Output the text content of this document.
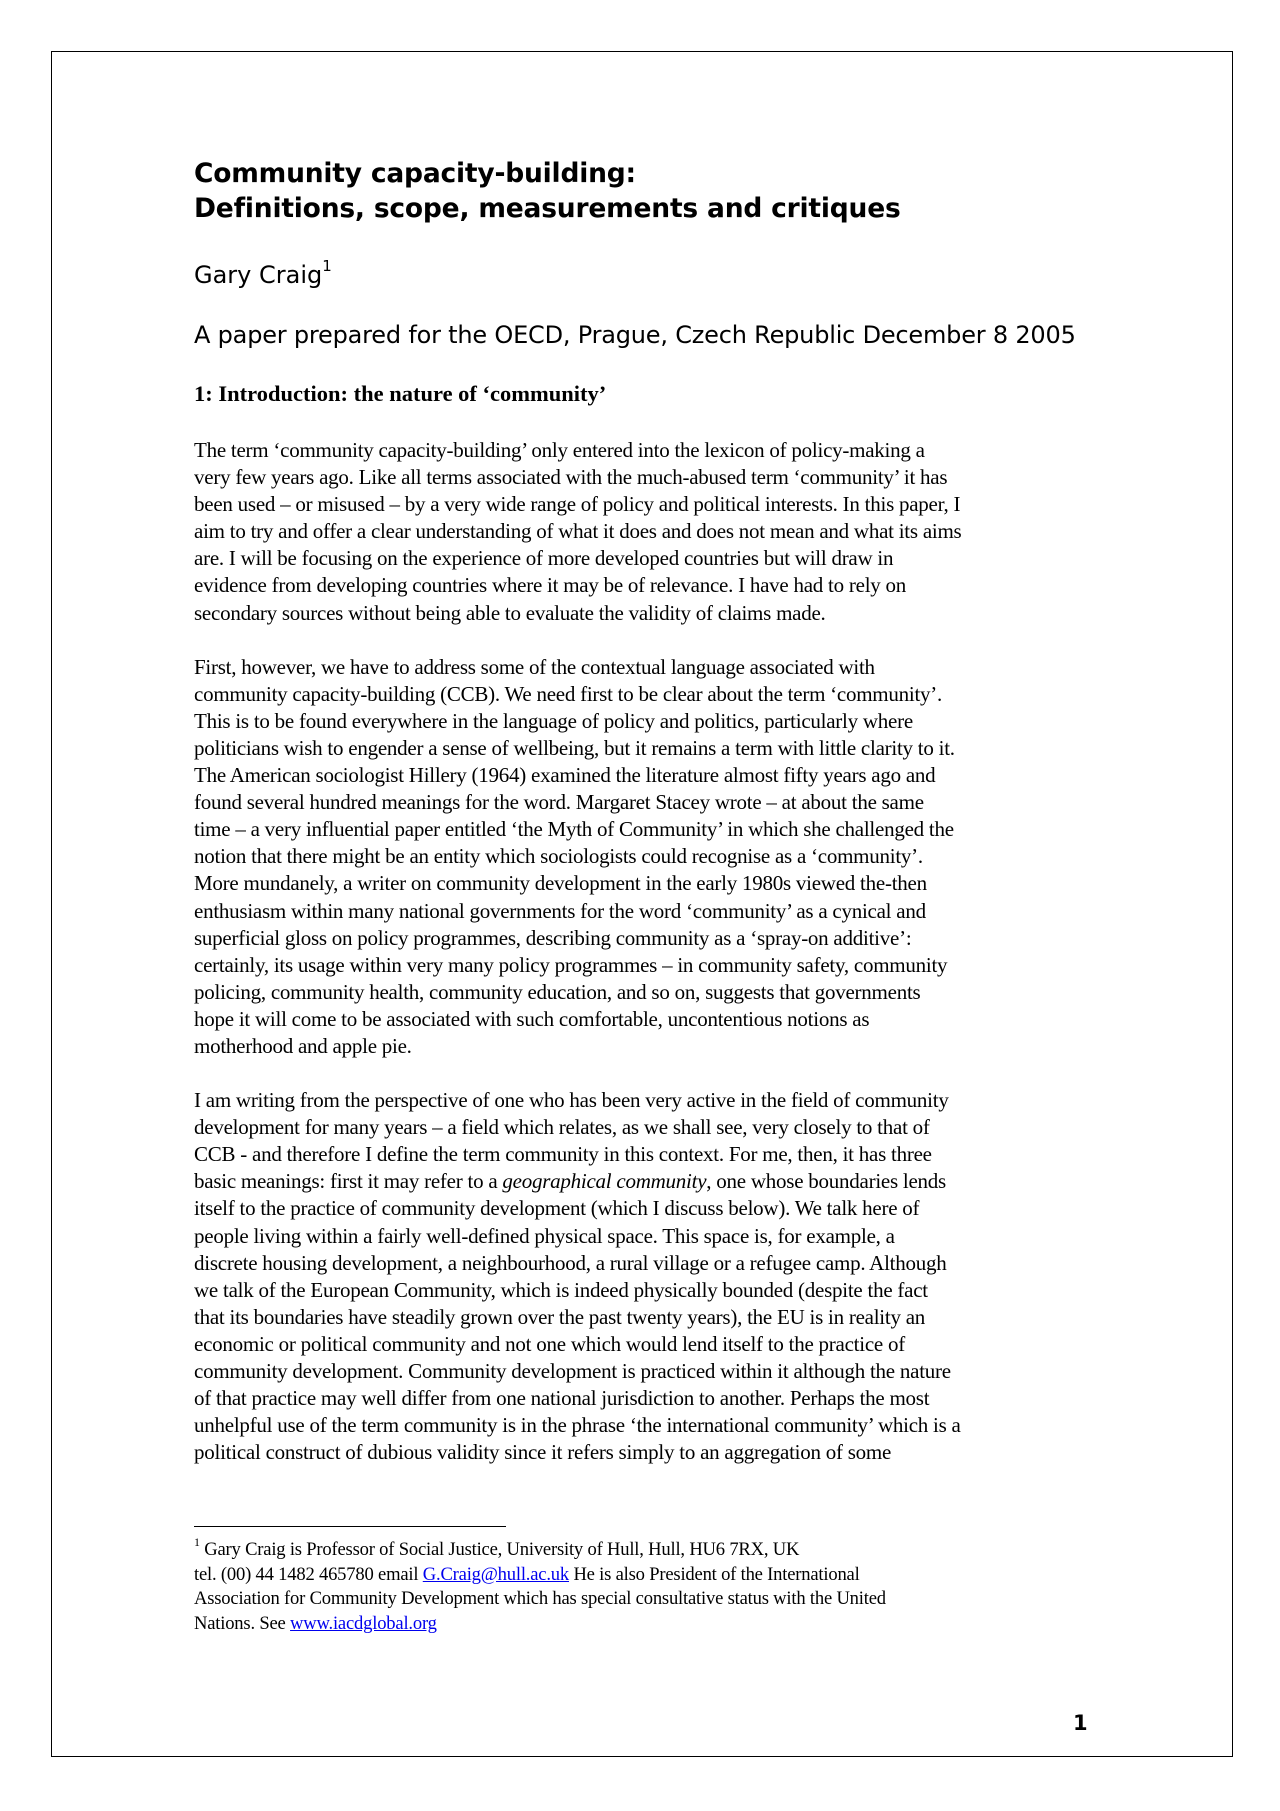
Community capacity-building:
Definitions, scope, measurements and critiques

Gary Craig$^1$

A paper prepared for the OECD, Prague, Czech Republic December 8 2005

1: Introduction: the nature of ‘community’

The term ‘community capacity-building’ only entered into the lexicon of policy-making a
very few years ago. Like all terms associated with the much-abused term ‘community’ it has
been used – or misused – by a very wide range of policy and political interests. In this paper, I
aim to try and offer a clear understanding of what it does and does not mean and what its aims
are. I will be focusing on the experience of more developed countries but will draw in
evidence from developing countries where it may be of relevance. I have had to rely on
secondary sources without being able to evaluate the validity of claims made.

First, however, we have to address some of the contextual language associated with
community capacity-building (CCB). We need first to be clear about the term ‘community’.
This is to be found everywhere in the language of policy and politics, particularly where
politicians wish to engender a sense of wellbeing, but it remains a term with little clarity to it.
The American sociologist Hillery (1964) examined the literature almost fifty years ago and
found several hundred meanings for the word. Margaret Stacey wrote – at about the same
time – a very influential paper entitled ‘the Myth of Community’ in which she challenged the
notion that there might be an entity which sociologists could recognise as a ‘community’.
More mundanely, a writer on community development in the early 1980s viewed the-then
enthusiasm within many national governments for the word ‘community’ as a cynical and
superficial gloss on policy programmes, describing community as a ‘spray-on additive’:
certainly, its usage within very many policy programmes – in community safety, community
policing, community health, community education, and so on, suggests that governments
hope it will come to be associated with such comfortable, uncontentious notions as
motherhood and apple pie.

I am writing from the perspective of one who has been very active in the field of community
development for many years – a field which relates, as we shall see, very closely to that of
CCB - and therefore I define the term community in this context. For me, then, it has three
basic meanings: first it may refer to a geographical community, one whose boundaries lends
itself to the practice of community development (which I discuss below). We talk here of
people living within a fairly well-defined physical space. This space is, for example, a
discrete housing development, a neighbourhood, a rural village or a refugee camp. Although
we talk of the European Community, which is indeed physically bounded (despite the fact
that its boundaries have steadily grown over the past twenty years), the EU is in reality an
economic or political community and not one which would lend itself to the practice of
community development. Community development is practiced within it although the nature
of that practice may well differ from one national jurisdiction to another. Perhaps the most
unhelpful use of the term community is in the phrase ‘the international community’ which is a
political construct of dubious validity since it refers simply to an aggregation of some

$^1$ Gary Craig is Professor of Social Justice, University of Hull, Hull, HU6 7RX, UK
tel. (00) 44 1482 465780 email G.Craig@hull.ac.uk He is also President of the International
Association for Community Development which has special consultative status with the United
Nations. See www.iacdglobal.org
1
